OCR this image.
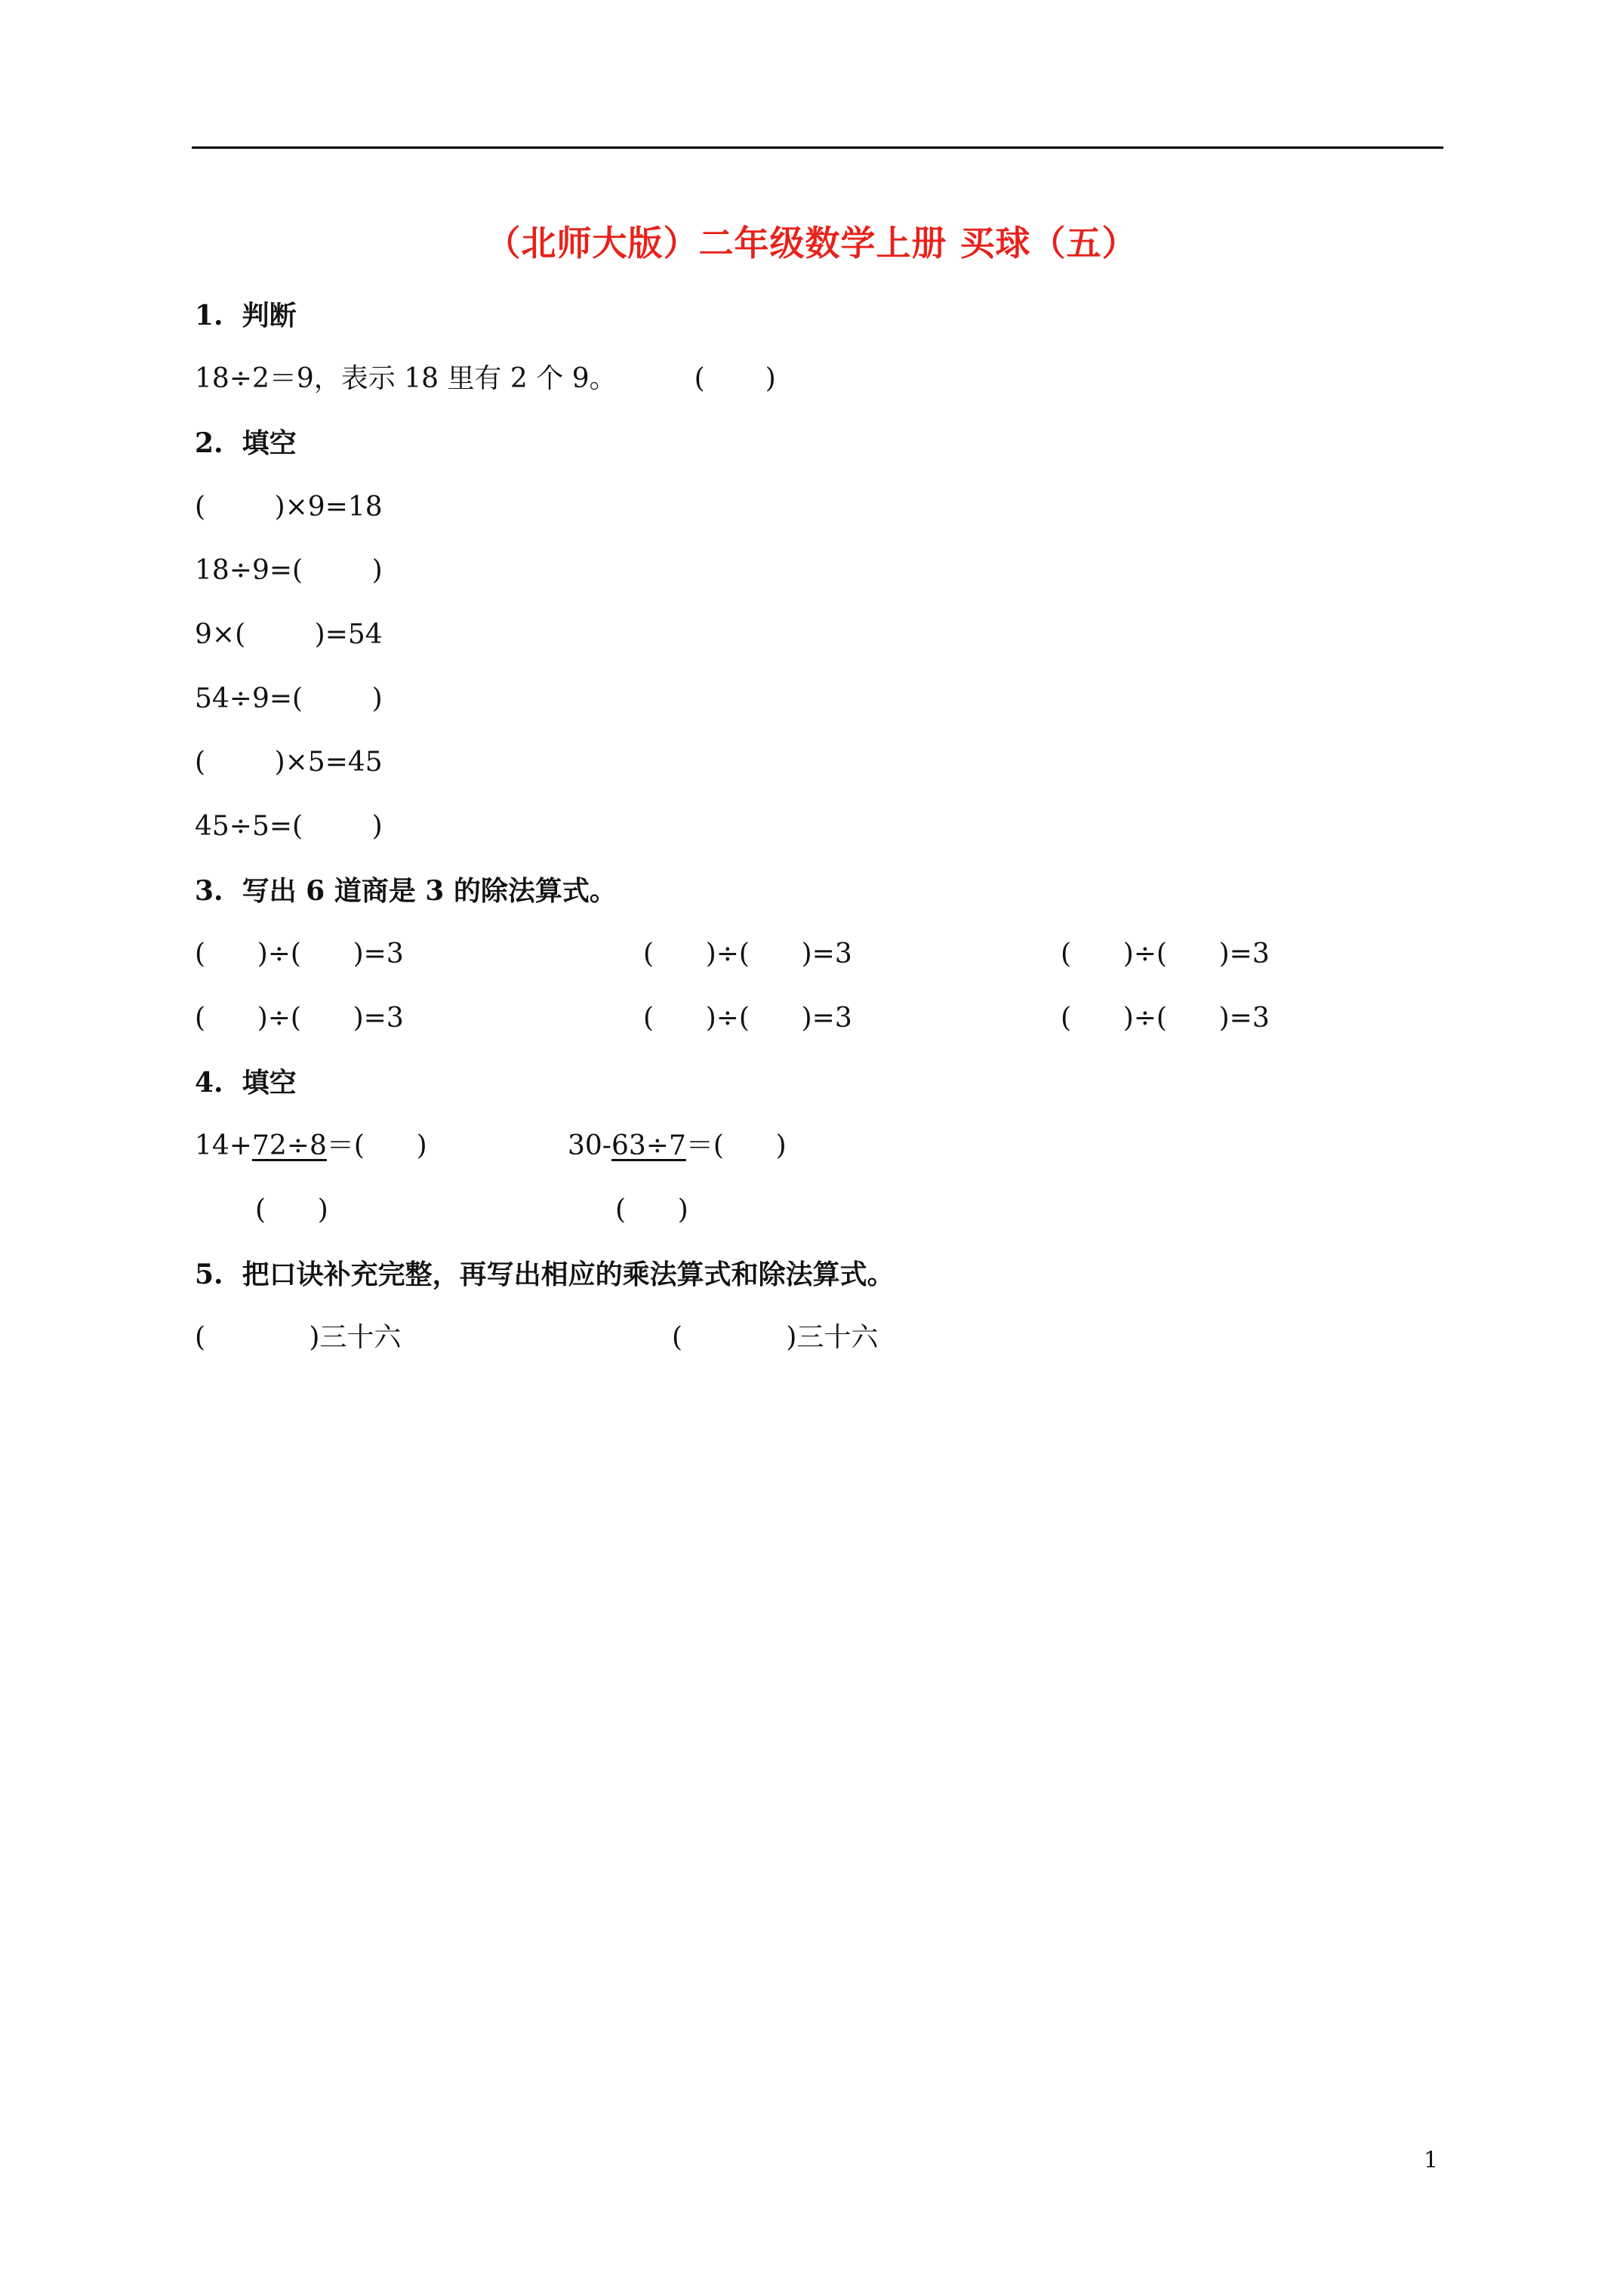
（北师大版）二年级数学上册 买球（五）
1.  判断
18÷2＝9，表示 18 里有 2 个 9。         (       )
2.  填空
(        )×9=18
18÷9=(        )
9×(        )=54
54÷9=(        )
(        )×5=45
45÷5=(        )
3.  写出 6 道商是 3 的除法算式。
(      )÷(      )=3	(      )÷(      )=3	(      )÷(      )=3
(      )÷(      )=3	(      )÷(      )=3	(      )÷(      )=3
4.  填空
14+72÷8＝(      )	30-63÷7＝(      )
(      )	(      )
5.  把口诀补充完整，再写出相应的乘法算式和除法算式。
(            )三十六	(            )三十六
1
